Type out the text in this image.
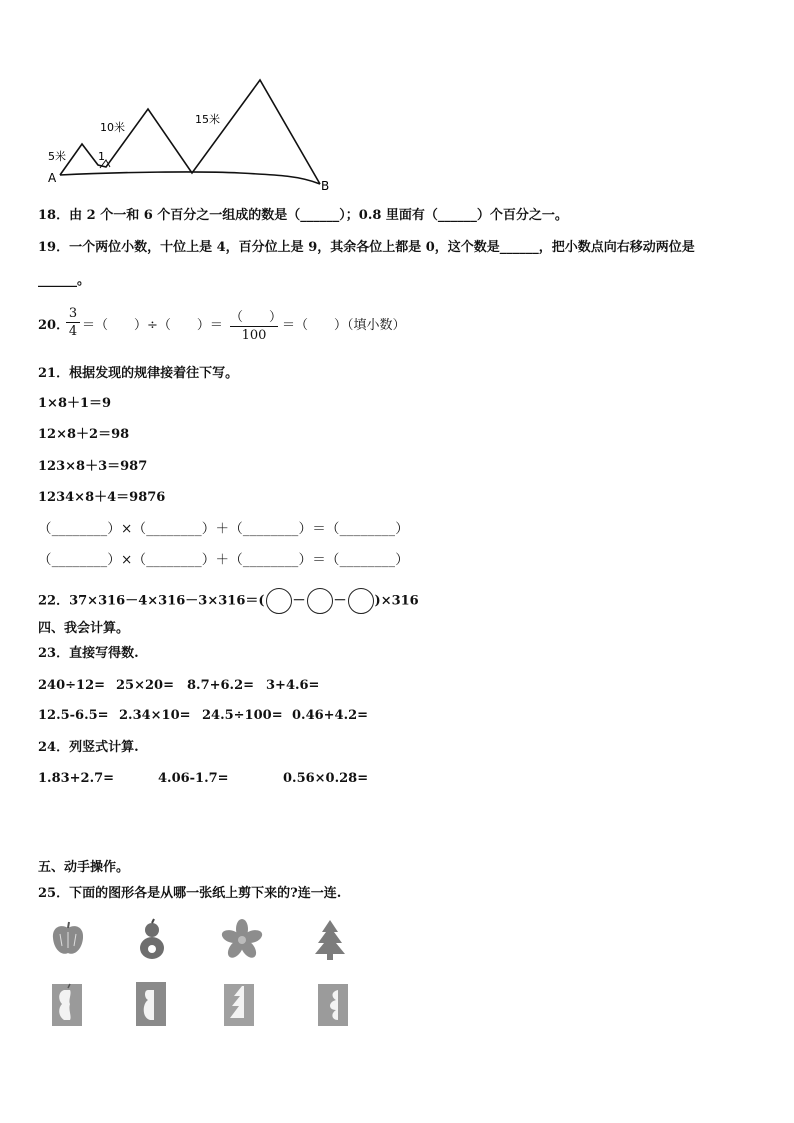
A
B
5米
10米
15米
1
18．由 2 个一和 6 个百分之一组成的数是（______）；0.8 里面有（______）个百分之一。
19．一个两位小数，十位上是 4，百分位上是 9，其余各位上都是 0，这个数是______，把小数点向右移动两位是
______。
20．
3
4 ＝（　　）÷（　　）＝
（　　）
100
＝（　　）（填小数）
21．根据发现的规律接着往下写。
1×8＋1＝9
12×8＋2＝98
123×8＋3＝987
1234×8＋4＝9876
（________）×（________）＋（________）＝（________）
（________）×（________）＋（________）＝（________）
22．37×316－4×316－3×316＝( － － )×316
四、我会计算。
23．直接写得数.
240÷12= 25×20= 8.7+6.2= 3+4.6=
12.5-6.5= 2.34×10= 24.5÷100= 0.46+4.2=
24．列竖式计算.
1.83+2.7=	4.06-1.7=	0.56×0.28=
五、动手操作。
25．下面的图形各是从哪一张纸上剪下来的?连一连.
